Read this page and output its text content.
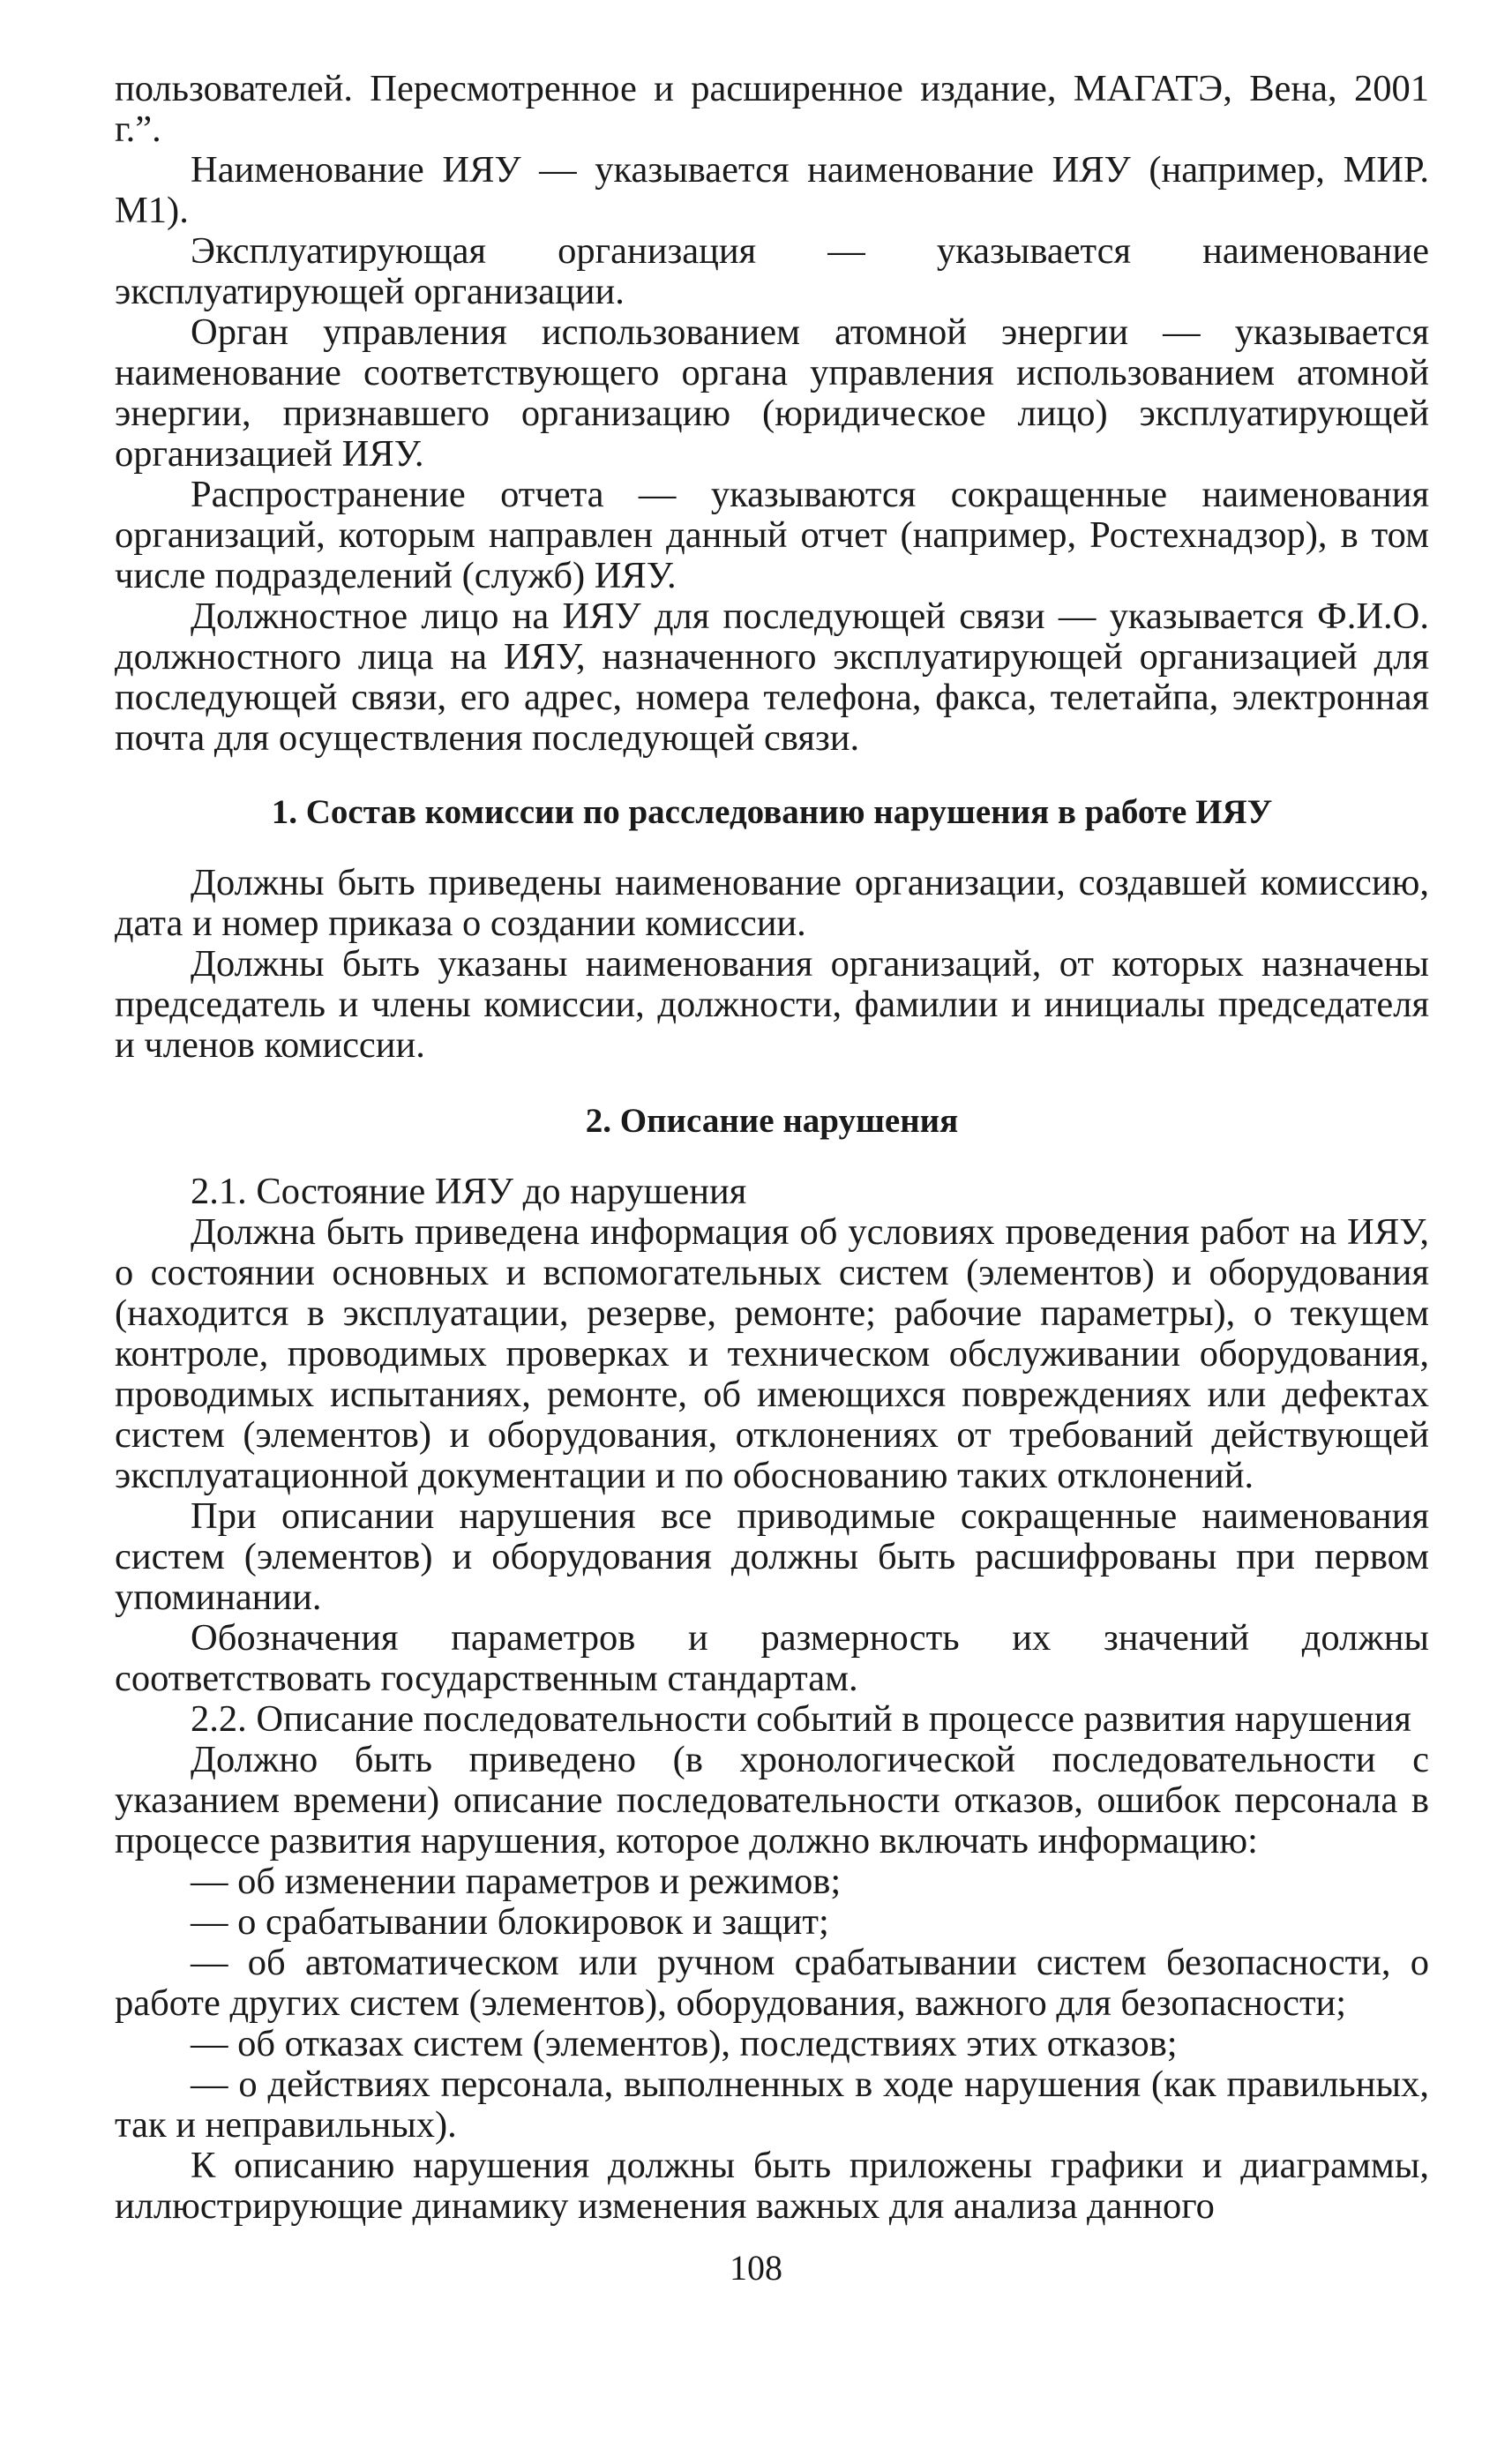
пользователей. Пересмотренное и расширенное издание, МАГАТЭ, Вена, 2001 г.”.

Наименование ИЯУ — указывается наименование ИЯУ (например, МИР. М1).

Эксплуатирующая организация — указывается наименование эксплуатирующей организации.

Орган управления использованием атомной энергии — указывается наименование соответствующего органа управления использованием атомной энергии, признавшего организацию (юридическое лицо) эксплуатирующей организацией ИЯУ.

Распространение отчета — указываются сокращенные наименования организаций, которым направлен данный отчет (например, Ростехнадзор), в том числе подразделений (служб) ИЯУ.

Должностное лицо на ИЯУ для последующей связи — указывается Ф.И.О. должностного лица на ИЯУ, назначенного эксплуатирующей организацией для последующей связи, его адрес, номера телефона, факса, телетайпа, электронная почта для осуществления последующей связи.

1. Состав комиссии по расследованию нарушения в работе ИЯУ

Должны быть приведены наименование организации, создавшей комиссию, дата и номер приказа о создании комиссии.

Должны быть указаны наименования организаций, от которых назначены председатель и члены комиссии, должности, фамилии и инициалы председателя и членов комиссии.

2. Описание нарушения

2.1. Состояние ИЯУ до нарушения

Должна быть приведена информация об условиях проведения работ на ИЯУ, о состоянии основных и вспомогательных систем (элементов) и оборудования (находится в эксплуатации, резерве, ремонте; рабочие параметры), о текущем контроле, проводимых проверках и техническом обслуживании оборудования, проводимых испытаниях, ремонте, об имеющихся повреждениях или дефектах систем (элементов) и оборудования, отклонениях от требований действующей эксплуатационной документации и по обоснованию таких отклонений.

При описании нарушения все приводимые сокращенные наименования систем (элементов) и оборудования должны быть расшифрованы при первом упоминании.

Обозначения параметров и размерность их значений должны соответствовать государственным стандартам.

2.2. Описание последовательности событий в процессе развития нарушения

Должно быть приведено (в хронологической последовательности с указанием времени) описание последовательности отказов, ошибок персонала в процессе развития нарушения, которое должно включать информацию:

— об изменении параметров и режимов;

— о срабатывании блокировок и защит;

— об автоматическом или ручном срабатывании систем безопасности, о работе других систем (элементов), оборудования, важного для безопасности;

— об отказах систем (элементов), последствиях этих отказов;

— о действиях персонала, выполненных в ходе нарушения (как правильных, так и неправильных).

К описанию нарушения должны быть приложены графики и диаграммы, иллюстрирующие динамику изменения важных для анализа данного

108
